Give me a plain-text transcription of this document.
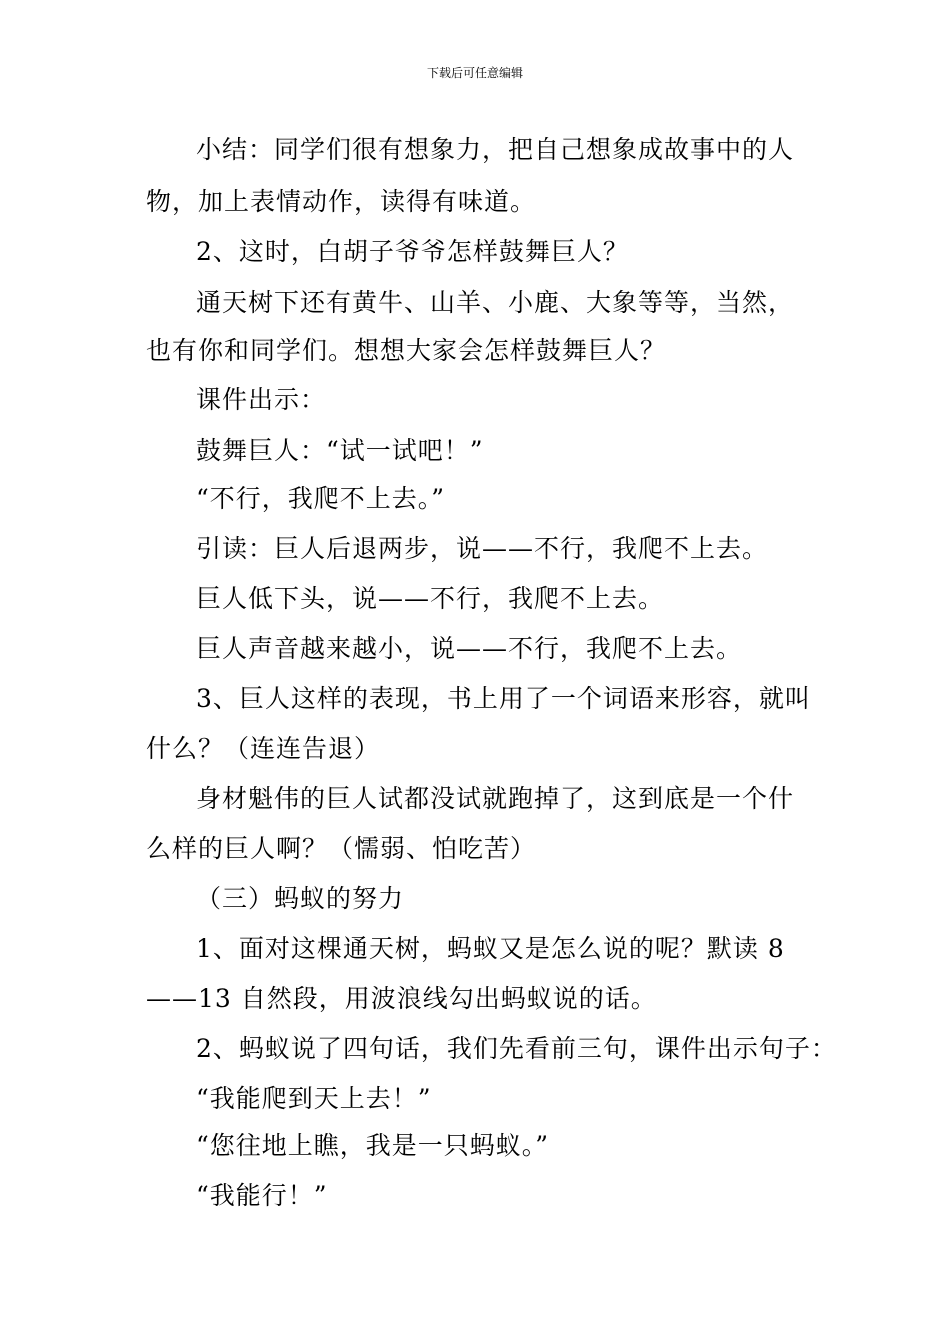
下载后可任意编辑
小结：同学们很有想象力，把自己想象成故事中的人
物，加上表情动作，读得有味道。
2、这时，白胡子爷爷怎样鼓舞巨人？
通天树下还有黄牛、山羊、小鹿、大象等等，当然，
也有你和同学们。想想大家会怎样鼓舞巨人？
课件出示：
鼓舞巨人：“试一试吧！”
“不行，我爬不上去。”
引读：巨人后退两步，说——不行，我爬不上去。
巨人低下头，说——不行，我爬不上去。
巨人声音越来越小，说——不行，我爬不上去。
3、巨人这样的表现，书上用了一个词语来形容，就叫
什么？（连连告退）
身材魁伟的巨人试都没试就跑掉了，这到底是一个什
么样的巨人啊？（懦弱、怕吃苦）
（三）蚂蚁的努力
1、面对这棵通天树，蚂蚁又是怎么说的呢？默读 8
——13 自然段，用波浪线勾出蚂蚁说的话。
2、蚂蚁说了四句话，我们先看前三句，课件出示句子：
“我能爬到天上去！”
“您往地上瞧，我是一只蚂蚁。”
“我能行！”
